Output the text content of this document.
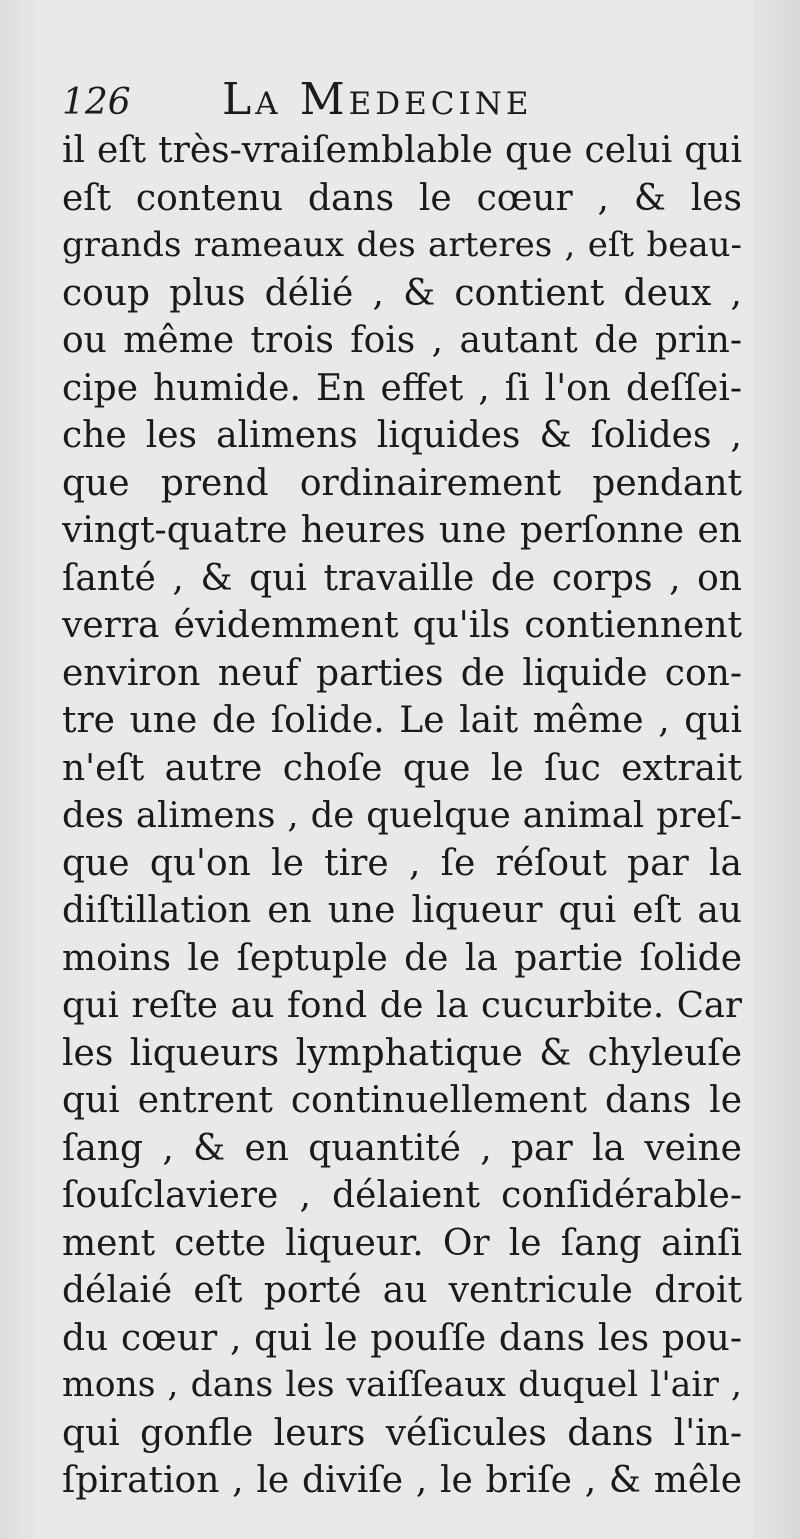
126 La Medecine
il eſt très-vraiſemblable que celui qui
eſt contenu dans le cœur , & les
grands rameaux des arteres , eſt beau-
coup plus délié , & contient deux ,
ou même trois fois , autant de prin-
cipe humide. En effet , ſi l'on deſſei-
che les alimens liquides & ſolides ,
que prend ordinairement pendant
vingt-quatre heures une perſonne en
ſanté , & qui travaille de corps , on
verra évidemment qu'ils contiennent
environ neuf parties de liquide con-
tre une de ſolide. Le lait même , qui
n'eſt autre choſe que le ſuc extrait
des alimens , de quelque animal preſ-
que qu'on le tire , ſe réſout par la
diſtillation en une liqueur qui eſt au
moins le ſeptuple de la partie ſolide
qui reſte au fond de la cucurbite. Car
les liqueurs lymphatique & chyleuſe
qui entrent continuellement dans le
ſang , & en quantité , par la veine
ſouſclaviere , délaient conſidérable-
ment cette liqueur. Or le ſang ainſi
délaié eſt porté au ventricule droit
du cœur , qui le pouſſe dans les pou-
mons , dans les vaiſſeaux duquel l'air ,
qui gonfle leurs véſicules dans l'in-
ſpiration , le diviſe , le briſe , & mêle
